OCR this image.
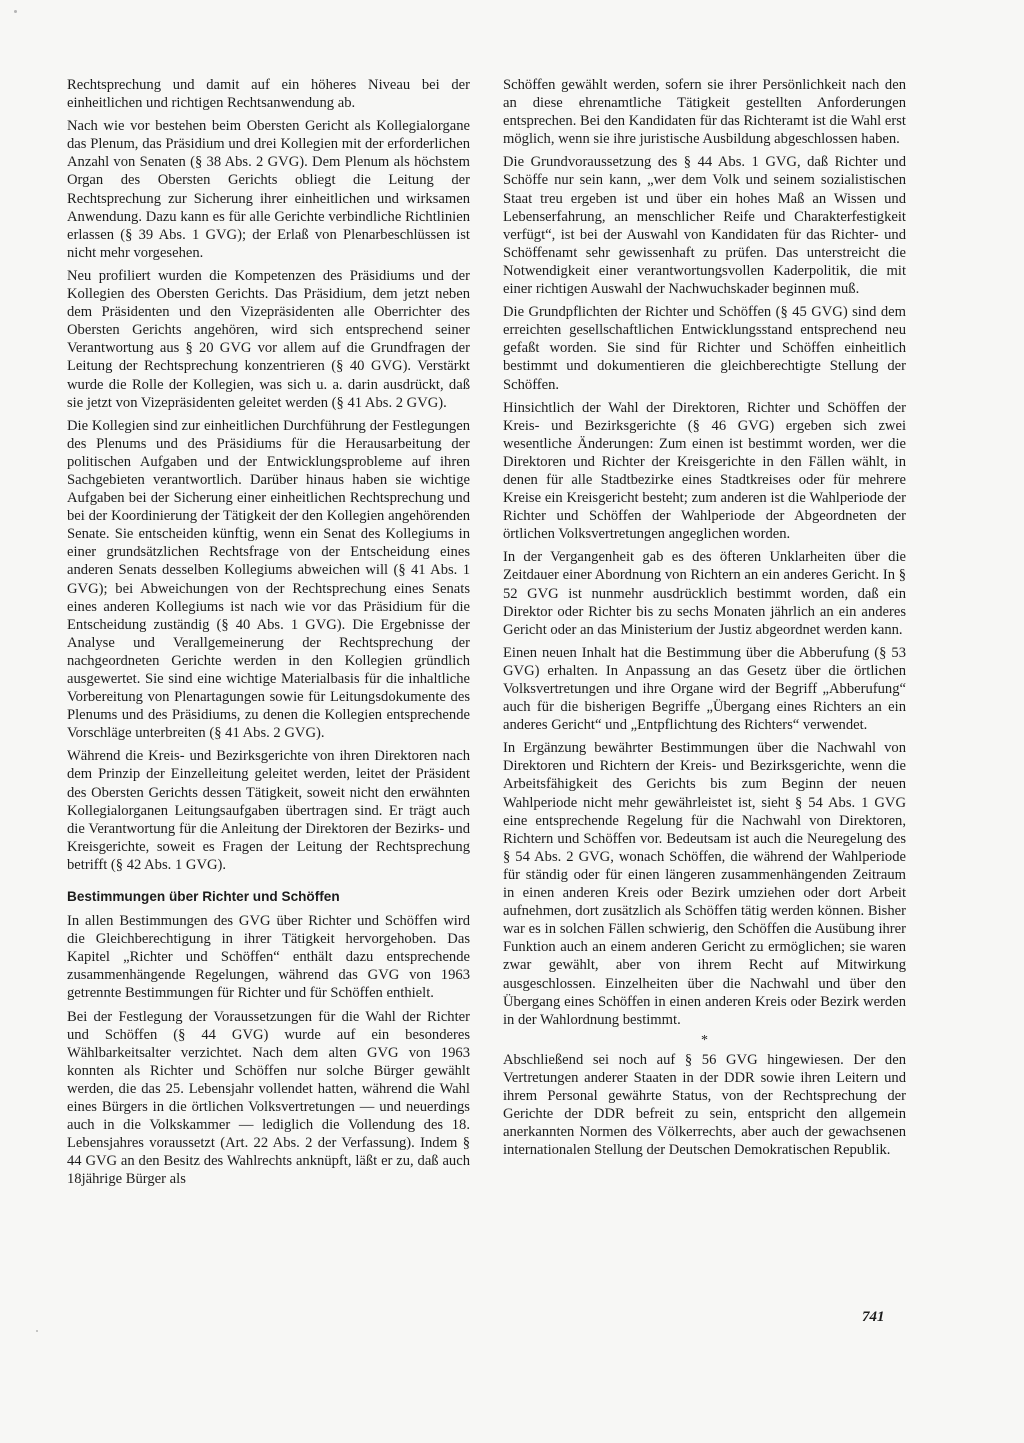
Rechtsprechung und damit auf ein höheres Niveau bei der einheitlichen und richtigen Rechtsanwendung ab.

Nach wie vor bestehen beim Obersten Gericht als Kollegialorgane das Plenum, das Präsidium und drei Kollegien mit der erforderlichen Anzahl von Senaten (§ 38 Abs. 2 GVG). Dem Plenum als höchstem Organ des Obersten Gerichts obliegt die Leitung der Rechtsprechung zur Sicherung ihrer einheitlichen und wirksamen Anwendung. Dazu kann es für alle Gerichte verbindliche Richtlinien erlassen (§ 39 Abs. 1 GVG); der Erlaß von Plenarbeschlüssen ist nicht mehr vorgesehen.

Neu profiliert wurden die Kompetenzen des Präsidiums und der Kollegien des Obersten Gerichts. Das Präsidium, dem jetzt neben dem Präsidenten und den Vizepräsidenten alle Oberrichter des Obersten Gerichts angehören, wird sich entsprechend seiner Verantwortung aus § 20 GVG vor allem auf die Grundfragen der Leitung der Rechtsprechung konzentrieren (§ 40 GVG). Verstärkt wurde die Rolle der Kollegien, was sich u. a. darin ausdrückt, daß sie jetzt von Vizepräsidenten geleitet werden (§ 41 Abs. 2 GVG).

Die Kollegien sind zur einheitlichen Durchführung der Festlegungen des Plenums und des Präsidiums für die Herausarbeitung der politischen Aufgaben und der Entwicklungsprobleme auf ihren Sachgebieten verantwortlich. Darüber hinaus haben sie wichtige Aufgaben bei der Sicherung einer einheitlichen Rechtsprechung und bei der Koordinierung der Tätigkeit der den Kollegien angehörenden Senate. Sie entscheiden künftig, wenn ein Senat des Kollegiums in einer grundsätzlichen Rechtsfrage von der Entscheidung eines anderen Senats desselben Kollegiums abweichen will (§ 41 Abs. 1 GVG); bei Abweichungen von der Rechtsprechung eines Senats eines anderen Kollegiums ist nach wie vor das Präsidium für die Entscheidung zuständig (§ 40 Abs. 1 GVG). Die Ergebnisse der Analyse und Verallgemeinerung der Rechtsprechung der nachgeordneten Gerichte werden in den Kollegien gründlich ausgewertet. Sie sind eine wichtige Materialbasis für die inhaltliche Vorbereitung von Plenartagungen sowie für Leitungsdokumente des Plenums und des Präsidiums, zu denen die Kollegien entsprechende Vorschläge unterbreiten (§ 41 Abs. 2 GVG).

Während die Kreis- und Bezirksgerichte von ihren Direktoren nach dem Prinzip der Einzelleitung geleitet werden, leitet der Präsident des Obersten Gerichts dessen Tätigkeit, soweit nicht den erwähnten Kollegialorganen Leitungsaufgaben übertragen sind. Er trägt auch die Verantwortung für die Anleitung der Direktoren der Bezirks- und Kreisgerichte, soweit es Fragen der Leitung der Rechtsprechung betrifft (§ 42 Abs. 1 GVG).

Bestimmungen über Richter und Schöffen

In allen Bestimmungen des GVG über Richter und Schöffen wird die Gleichberechtigung in ihrer Tätigkeit hervorgehoben. Das Kapitel „Richter und Schöffen“ enthält dazu entsprechende zusammenhängende Regelungen, während das GVG von 1963 getrennte Bestimmungen für Richter und für Schöffen enthielt.

Bei der Festlegung der Voraussetzungen für die Wahl der Richter und Schöffen (§ 44 GVG) wurde auf ein besonderes Wählbarkeitsalter verzichtet. Nach dem alten GVG von 1963 konnten als Richter und Schöffen nur solche Bürger gewählt werden, die das 25. Lebensjahr vollendet hatten, während die Wahl eines Bürgers in die örtlichen Volksvertretungen — und neuerdings auch in die Volkskammer — lediglich die Vollendung des 18. Lebensjahres voraussetzt (Art. 22 Abs. 2 der Verfassung). Indem § 44 GVG an den Besitz des Wahlrechts anknüpft, läßt er zu, daß auch 18jährige Bürger als

Schöffen gewählt werden, sofern sie ihrer Persönlichkeit nach den an diese ehrenamtliche Tätigkeit gestellten Anforderungen entsprechen. Bei den Kandidaten für das Richteramt ist die Wahl erst möglich, wenn sie ihre juristische Ausbildung abgeschlossen haben.

Die Grundvoraussetzung des § 44 Abs. 1 GVG, daß Richter und Schöffe nur sein kann, „wer dem Volk und seinem sozialistischen Staat treu ergeben ist und über ein hohes Maß an Wissen und Lebenserfahrung, an menschlicher Reife und Charakterfestigkeit verfügt“, ist bei der Auswahl von Kandidaten für das Richter- und Schöffenamt sehr gewissenhaft zu prüfen. Das unterstreicht die Notwendigkeit einer verantwortungsvollen Kaderpolitik, die mit einer richtigen Auswahl der Nachwuchskader beginnen muß.

Die Grundpflichten der Richter und Schöffen (§ 45 GVG) sind dem erreichten gesellschaftlichen Entwicklungsstand entsprechend neu gefaßt worden. Sie sind für Richter und Schöffen einheitlich bestimmt und dokumentieren die gleichberechtigte Stellung der Schöffen.

Hinsichtlich der Wahl der Direktoren, Richter und Schöffen der Kreis- und Bezirksgerichte (§ 46 GVG) ergeben sich zwei wesentliche Änderungen: Zum einen ist bestimmt worden, wer die Direktoren und Richter der Kreisgerichte in den Fällen wählt, in denen für alle Stadtbezirke eines Stadtkreises oder für mehrere Kreise ein Kreisgericht besteht; zum anderen ist die Wahlperiode der Richter und Schöffen der Wahlperiode der Abgeordneten der örtlichen Volksvertretungen angeglichen worden.

In der Vergangenheit gab es des öfteren Unklarheiten über die Zeitdauer einer Abordnung von Richtern an ein anderes Gericht. In § 52 GVG ist nunmehr ausdrücklich bestimmt worden, daß ein Direktor oder Richter bis zu sechs Monaten jährlich an ein anderes Gericht oder an das Ministerium der Justiz abgeordnet werden kann.

Einen neuen Inhalt hat die Bestimmung über die Abberufung (§ 53 GVG) erhalten. In Anpassung an das Gesetz über die örtlichen Volksvertretungen und ihre Organe wird der Begriff „Abberufung“ auch für die bisherigen Begriffe „Übergang eines Richters an ein anderes Gericht“ und „Entpflichtung des Richters“ verwendet.

In Ergänzung bewährter Bestimmungen über die Nachwahl von Direktoren und Richtern der Kreis- und Bezirksgerichte, wenn die Arbeitsfähigkeit des Gerichts bis zum Beginn der neuen Wahlperiode nicht mehr gewährleistet ist, sieht § 54 Abs. 1 GVG eine entsprechende Regelung für die Nachwahl von Direktoren, Richtern und Schöffen vor. Bedeutsam ist auch die Neuregelung des § 54 Abs. 2 GVG, wonach Schöffen, die während der Wahlperiode für ständig oder für einen längeren zusammenhängenden Zeitraum in einen anderen Kreis oder Bezirk umziehen oder dort Arbeit aufnehmen, dort zusätzlich als Schöffen tätig werden können. Bisher war es in solchen Fällen schwierig, den Schöffen die Ausübung ihrer Funktion auch an einem anderen Gericht zu ermöglichen; sie waren zwar gewählt, aber von ihrem Recht auf Mitwirkung ausgeschlossen. Einzelheiten über die Nachwahl und über den Übergang eines Schöffen in einen anderen Kreis oder Bezirk werden in der Wahlordnung bestimmt.

*

Abschließend sei noch auf § 56 GVG hingewiesen. Der den Vertretungen anderer Staaten in der DDR sowie ihren Leitern und ihrem Personal gewährte Status, von der Rechtsprechung der Gerichte der DDR befreit zu sein, entspricht den allgemein anerkannten Normen des Völkerrechts, aber auch der gewachsenen internationalen Stellung der Deutschen Demokratischen Republik.

741
